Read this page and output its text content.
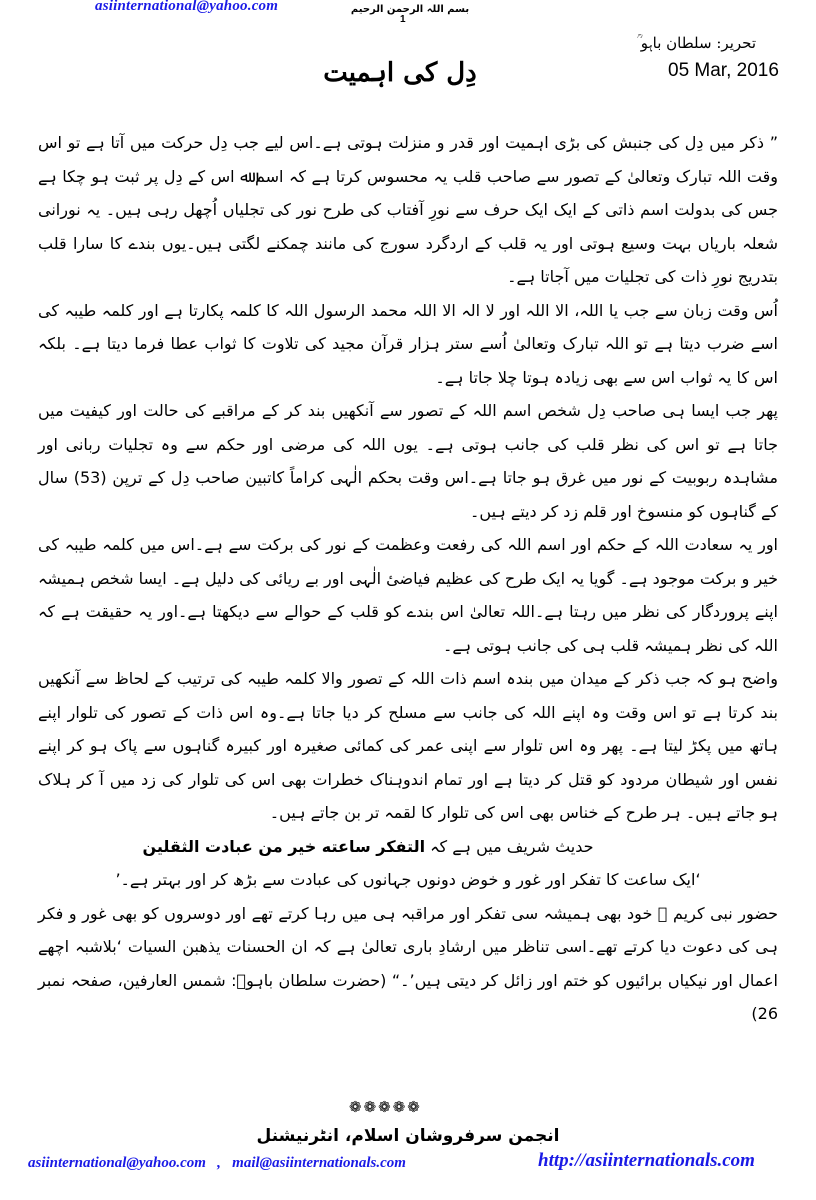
asiinternational@yahoo.com	بسم اللہ الرحمن الرحیم
1
تحریر: سلطان باہو ؒ
05 Mar, 2016
دِل کی اہمیت

” ذکر میں دِل کی جنبش کی بڑی اہمیت اور قدر و منزلت ہوتی ہے۔اس لیے جب دِل حرکت میں آتا ہے تو اس وقت اللہ تبارک وتعالیٰ کے تصور سے صاحب قلب یہ محسوس کرتا ہے کہ اسم ﷲ اس کے دِل پر ثبت ہو چکا ہے جس کی بدولت اسم ذاتی کے ایک ایک حرف سے نورِ آفتاب کی طرح نور کی تجلیاں اُچھل رہی ہیں۔ یہ نورانی شعلہ باریاں بہت وسیع ہوتی اور یہ قلب کے اردگرد سورج کی مانند چمکنے لگتی ہیں۔یوں بندے کا سارا قلب بتدریج نورِ ذات کی تجلیات میں آجاتا ہے۔

اُس وقت زبان سے جب یا اللہ، الا اللہ اور لا الہ الا اللہ محمد الرسول اللہ کا کلمہ پکارتا ہے اور کلمہ طیبہ کی اسے ضرب دیتا ہے تو اللہ تبارک وتعالیٰ اُسے ستر ہزار قرآن مجید کی تلاوت کا ثواب عطا فرما دیتا ہے۔ بلکہ اس کا یہ ثواب اس سے بھی زیادہ ہوتا چلا جاتا ہے۔

پھر جب ایسا ہی صاحب دِل شخص اسم اللہ کے تصور سے آنکھیں بند کر کے مراقبے کی حالت اور کیفیت میں جاتا ہے تو اس کی نظر قلب کی جانب ہوتی ہے۔ یوں اللہ کی مرضی اور حکم سے وہ تجلیات ربانی اور مشاہدہ ربوبیت کے نور میں غرق ہو جاتا ہے۔اس وقت بحکم الٰہی کراماً کاتبین صاحب دِل کے ترپن (53) سال کے گناہوں کو منسوخ اور قلم زد کر دیتے ہیں۔

اور یہ سعادت اللہ کے حکم اور اسم اللہ کی رفعت وعظمت کے نور کی برکت سے ہے۔اس میں کلمہ طیبہ کی خیر و برکت موجود ہے۔ گویا یہ ایک طرح کی عظیم فیاضیٔ الٰہی اور بے ریائی کی دلیل ہے۔ ایسا شخص ہمیشہ اپنے پروردگار کی نظر میں رہتا ہے۔اللہ تعالیٰ اس بندے کو قلب کے حوالے سے دیکھتا ہے۔اور یہ حقیقت ہے کہ اللہ کی نظر ہمیشہ قلب ہی کی جانب ہوتی ہے۔

واضح ہو کہ جب ذکر کے میدان میں بندہ اسم ذات اللہ کے تصور والا کلمہ طیبہ کی ترتیب کے لحاظ سے آنکھیں بند کرتا ہے تو اس وقت وہ اپنے اللہ کی جانب سے مسلح کر دیا جاتا ہے۔وہ اس ذات کے تصور کی تلوار اپنے ہاتھ میں پکڑ لیتا ہے۔ پھر وہ اس تلوار سے اپنی عمر کی کمائی صغیرہ اور کبیرہ گناہوں سے پاک ہو کر اپنے نفس اور شیطان مردود کو قتل کر دیتا ہے اور تمام اندوہناک خطرات بھی اس کی تلوار کی زد میں آ کر ہلاک ہو جاتے ہیں۔ ہر طرح کے خناس بھی اس کی تلوار کا لقمہ تر بن جاتے ہیں۔

حدیث شریف میں ہے کہ التفکر ساعته خیر من عبادت الثقلین

‘ایک ساعت کا تفکر اور غور و خوض دونوں جہانوں کی عبادت سے بڑھ کر اور بہتر ہے۔’

حضور نبی کریم ﷺ خود بھی ہمیشہ سی تفکر اور مراقبہ ہی میں رہا کرتے تھے اور دوسروں کو بھی غور و فکر ہی کی دعوت دیا کرتے تھے۔اسی تناظر میں ارشادِ باری تعالیٰ ہے کہ ان الحسنات یذھبن السیات ‘بلاشبہ اچھے اعمال اور نیکیاں برائیوں کو ختم اور زائل کر دیتی ہیں’۔“ (حضرت سلطان باہوؒ: شمس العارفین، صفحہ نمبر 26)

❁❁❁❁❁
انجمن سرفروشان اسلام، انٹرنیشنل
asiinternational@yahoo.com   ,   mail@asiinternationals.com	http://asiinternationals.com
